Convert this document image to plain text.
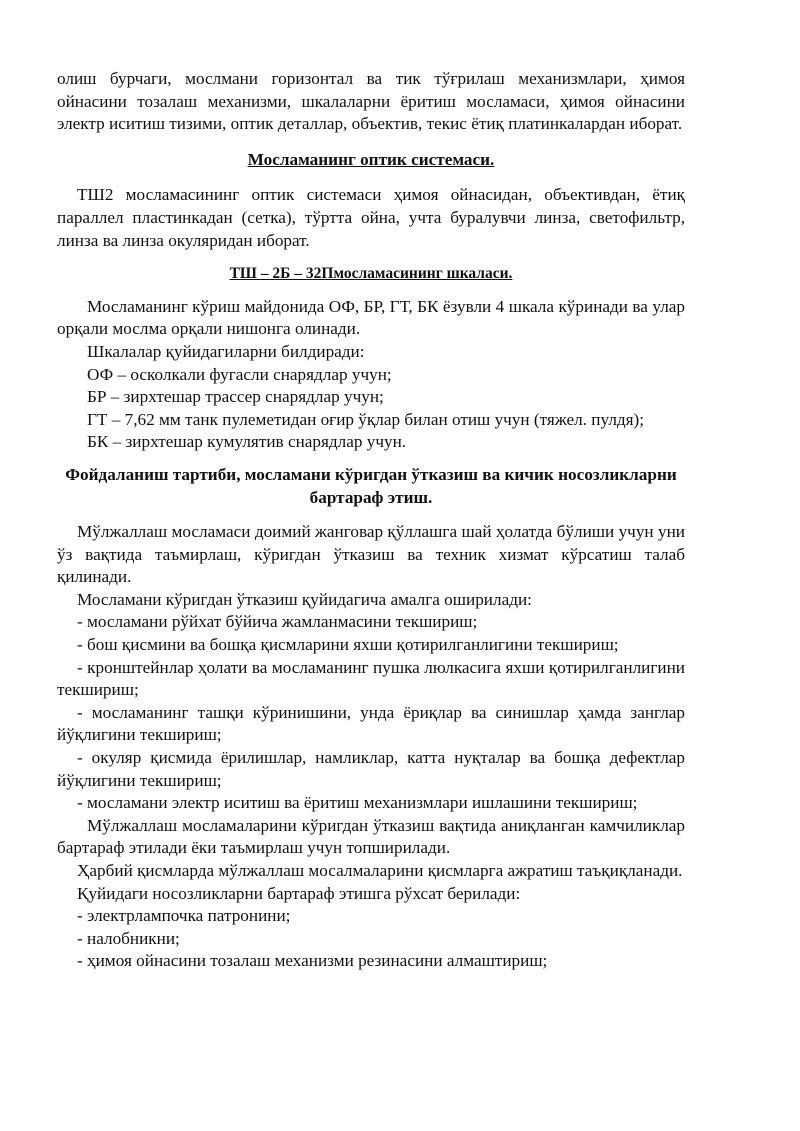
олиш бурчаги, мослмани горизонтал ва тик тўғрилаш механизмлари, ҳимоя ойнасини тозалаш механизми, шкалаларни ёритиш мосламаси, ҳимоя ойнасини электр иситиш тизими, оптик деталлар, объектив, текис ётиқ платинкалардан иборат.

Мосламанинг оптик системаси.

ТШ2 мосламасининг оптик системаси ҳимоя ойнасидан, объективдан, ётиқ параллел пластинкадан (сетка), тўртта ойна, учта буралувчи линза, светофильтр, линза ва линза окуляридан иборат.

ТШ – 2Б – 32Пмосламасининг шкаласи.

Мосламанинг кўриш майдонида ОФ, БР, ГТ, БК ёзувли 4 шкала кўринади ва улар орқали мослма орқали нишонга олинади.

Шкалалар қуйидагиларни билдиради:

ОФ – осколкали фугасли снарядлар учун;

БР – зирхтешар трассер снарядлар учун;

ГТ – 7,62 мм танк пулеметидан оғир ўқлар билан отиш учун (тяжел. пулдя);

БК – зирхтешар кумулятив снарядлар учун.

Фойдаланиш тартиби, мосламани кўригдан ўтказиш ва кичик носозликларни бартараф этиш.

Мўлжаллаш мосламаси доимий жанговар қўллашга шай ҳолатда бўлиши учун уни ўз вақтида таъмирлаш, кўригдан ўтказиш ва техник хизмат кўрсатиш талаб қилинади.

Мосламани кўригдан ўтказиш қуйидагича амалга оширилади:

- мосламани рўйхат бўйича жамланмасини текшириш;

- бош қисмини ва бошқа қисмларини яхши қотирилганлигини текшириш;

- кронштейнлар ҳолати ва мосламанинг пушка люлкасига яхши қотирилганлигини текшириш;

- мосламанинг ташқи кўринишини, унда ёриқлар ва синишлар ҳамда занглар йўқлигини текшириш;

- окуляр қисмида ёрилишлар, намликлар, катта нуқталар ва бошқа дефектлар йўқлигини текшириш;

- мосламани электр иситиш ва ёритиш механизмлари ишлашини текшириш;

Мўлжаллаш мосламаларини кўригдан ўтказиш вақтида аниқланган камчиликлар бартараф этилади ёки таъмирлаш учун топширилади.

Ҳарбий қисмларда мўлжаллаш мосалмаларини қисмларга ажратиш таъқиқланади.

Қуйидаги носозликларни бартараф этишга рўхсат берилади:

- электрлампочка патронини;

- налобникни;

- ҳимоя ойнасини тозалаш механизми резинасини алмаштириш;
